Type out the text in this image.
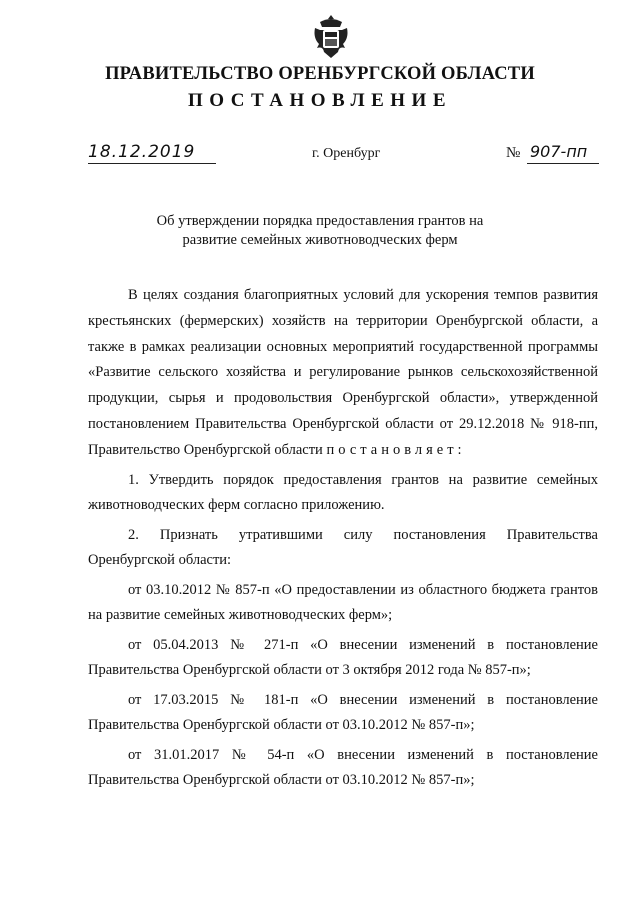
ПРАВИТЕЛЬСТВО ОРЕНБУРГСКОЙ ОБЛАСТИ
ПОСТАНОВЛЕНИЕ
18.12.2019	г. Оренбург	№ 907-пп
Об утверждении порядка предоставления грантов на
развитие семейных животноводческих ферм

В целях создания благоприятных условий для ускорения темпов развития крестьянских (фермерских) хозяйств на территории Оренбургской области, а также в рамках реализации основных мероприятий государственной программы «Развитие сельского хозяйства и регулирование рынков сельскохозяйственной продукции, сырья и продовольствия Оренбургской области», утвержденной постановлением Правительства Оренбургской области от 29.12.2018 № 918-пп, Правительство Оренбургской области постановляет:

1. Утвердить порядок предоставления грантов на развитие семейных животноводческих ферм согласно приложению.

2. Признать утратившими силу постановления Правительства Оренбургской области:

от 03.10.2012 № 857-п «О предоставлении из областного бюджета грантов на развитие семейных животноводческих ферм»;

от 05.04.2013 № 271-п «О внесении изменений в постановление Правительства Оренбургской области от 3 октября 2012 года № 857-п»;

от 17.03.2015 № 181-п «О внесении изменений в постановление Правительства Оренбургской области от 03.10.2012 № 857-п»;

от 31.01.2017 № 54-п «О внесении изменений в постановление Правительства Оренбургской области от 03.10.2012 № 857-п»;
